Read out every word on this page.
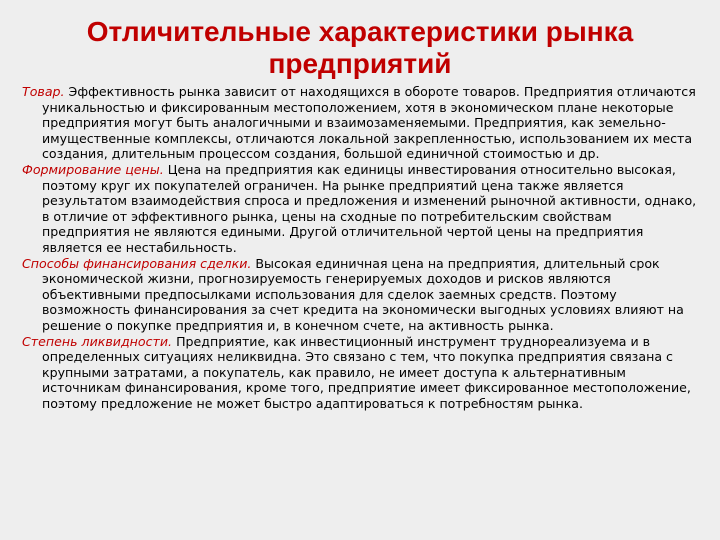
Отличительные характеристики рынка
предприятий

Товар. Эффективность рынка зависит от находящихся в обороте товаров. Предприятия отличаются уникальностью и фиксированным местоположением, хотя в экономическом плане некоторые предприятия могут быть аналогичными и взаимозаменяемыми. Предприятия, как земельно-имущественные комплексы, отличаются локальной закрепленностью, использованием их места создания, длительным процессом создания, большой единичной стоимостью и др.

Формирование цены. Цена на предприятия как единицы инвестирования относительно высокая, поэтому круг их покупателей ограничен. На рынке предприятий цена также является результатом взаимодействия спроса и предложения и изменений рыночной активности, однако, в отличие от эффективного рынка, цены на сходные по потребительским свойствам предприятия не являются едиными. Другой отличительной чертой цены на предприятия является ее нестабильность.

Способы финансирования сделки. Высокая единичная цена на предприятия, длительный срок экономической жизни, прогнозируемость генерируемых доходов и рисков являются объективными предпосылками использования для сделок заемных средств. Поэтому возможность финансирования за счет кредита на экономически выгодных условиях влияют на решение о покупке предприятия и, в конечном счете, на активность рынка.

Степень ликвидности. Предприятие, как инвестиционный инструмент труднореализуема и в определенных ситуациях неликвидна. Это связано с тем, что покупка предприятия связана с крупными затратами, а покупатель, как правило, не имеет доступа к альтернативным источникам финансирования, кроме того, предприятие имеет фиксированное местоположение, поэтому предложение не может быстро адаптироваться к потребностям рынка.
